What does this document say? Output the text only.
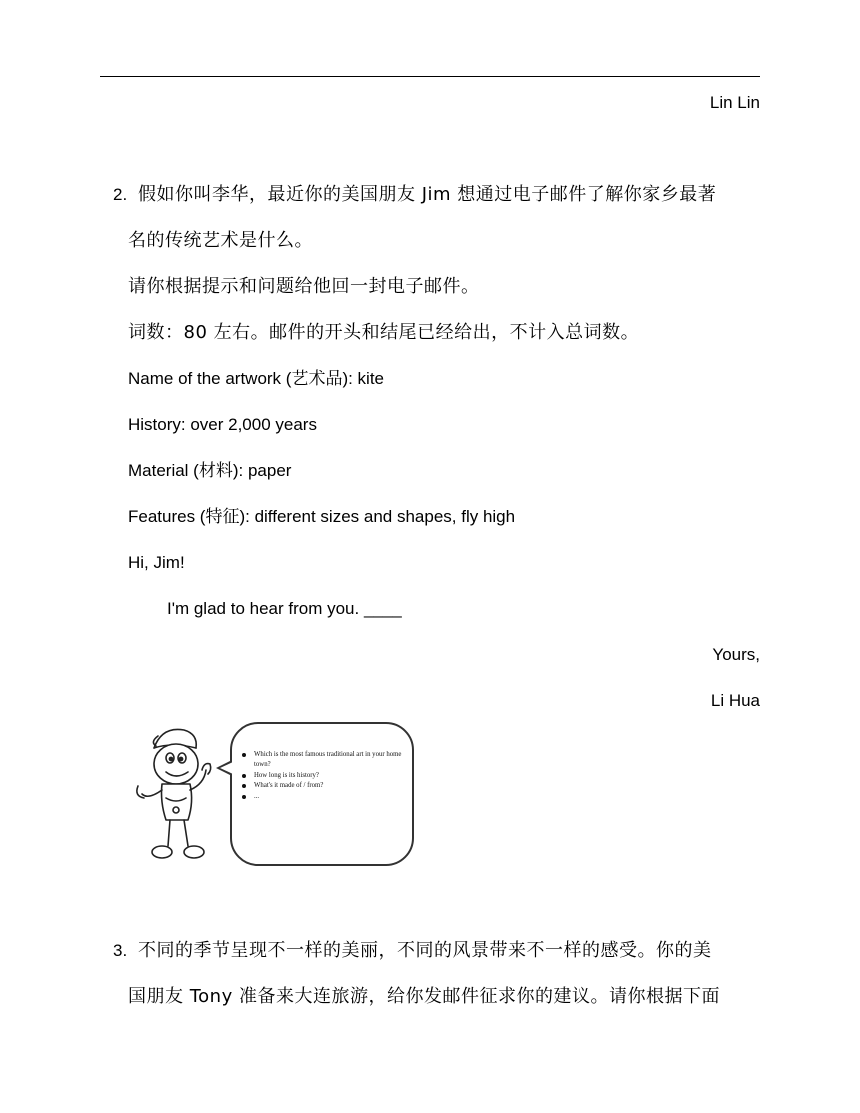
Lin Lin
2. 假如你叫李华，最近你的美国朋友 Jim 想通过电子邮件了解你家乡最著
名的传统艺术是什么。
请你根据提示和问题给他回一封电子邮件。
词数：80 左右。邮件的开头和结尾已经给出，不计入总词数。
Name of the artwork (艺术品): kite
History: over 2,000 years
Material (材料): paper
Features (特征): different sizes and shapes, fly high
Hi, Jim!
I'm glad to hear from you. ____
Yours,
Li Hua
Which is the most famous traditional art in your home town?
How long is its history?
What's it made of / from?
...
3. 不同的季节呈现不一样的美丽，不同的风景带来不一样的感受。你的美
国朋友 Tony 准备来大连旅游，给你发邮件征求你的建议。请你根据下面
